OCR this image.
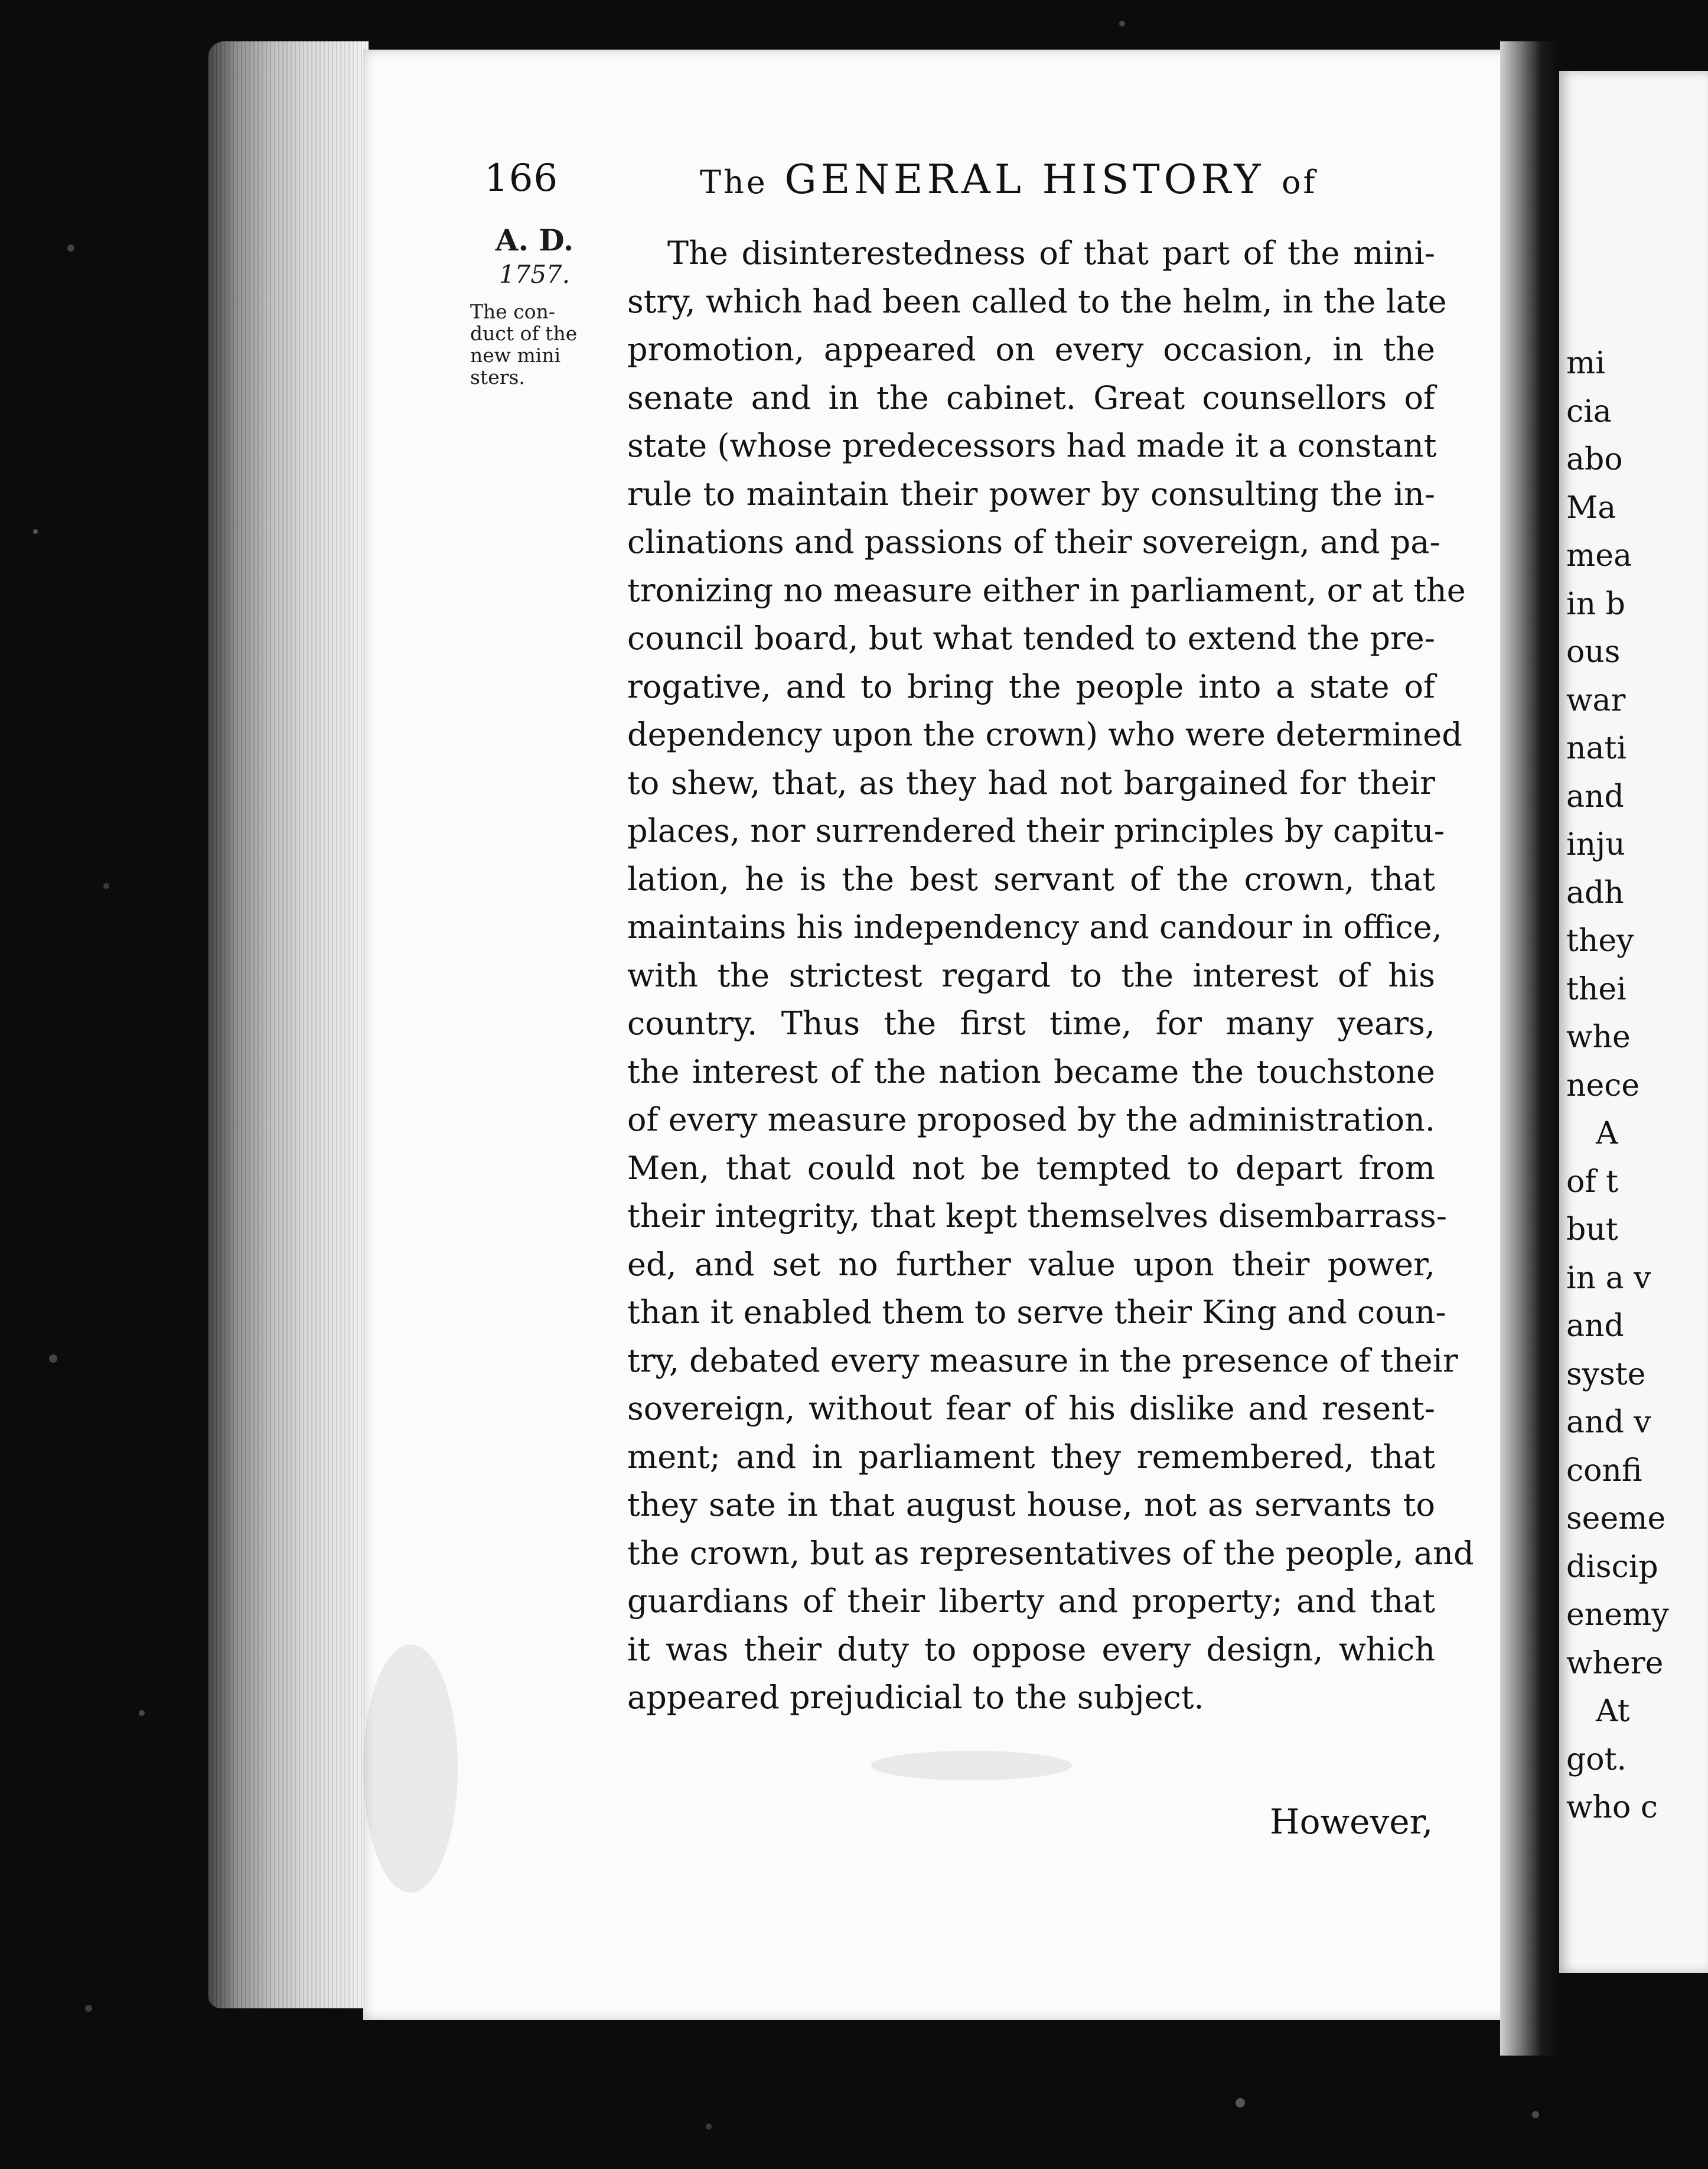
166	Thе GENERAL HISTORY of
A. D.
1757.
The con-
duct of the
new mini
sters.
The disinterestedness of that part of the mini-
stry, which had been called to the helm, in the late
promotion, appeared on every occasion, in the
senate and in the cabinet. Great counsellors of
state (whose predecessors had made it a constant
rule to maintain their power by consulting the in-
clinations and passions of their sovereign, and pa-
tronizing no measure either in parliament, or at the
council board, but what tended to extend the pre-
rogative, and to bring the people into a state of
dependency upon the crown) who were determined
to shew, that, as they had not bargained for their
places, nor surrendered their principles by capitu-
lation, he is the best servant of the crown, that
maintains his independency and candour in office,
with the strictest regard to the interest of his
country. Thus the first time, for many years,
the interest of the nation became the touchstone
of every measure proposed by the administration.
Men, that could not be tempted to depart from
their integrity, that kept themselves disembarrass-
ed, and set no further value upon their power,
than it enabled them to serve their King and coun-
try, debated every measure in the presence of their
sovereign, without fear of his dislike and resent-
ment; and in parliament they remembered, that
they sate in that august house, not as servants to
the crown, but as representatives of the people, and
guardians of their liberty and property; and that
it was their duty to oppose every design, which
appeared prejudicial to the subject.
However,
mi
cia
abo
Ma
mea
in b
ous
war
nati
and
inju
adh
they
thei
whe
nece
A
of t
but
in a v
and
syste
and v
confi
seeme
discip
enemy
where
At
got.
who c
